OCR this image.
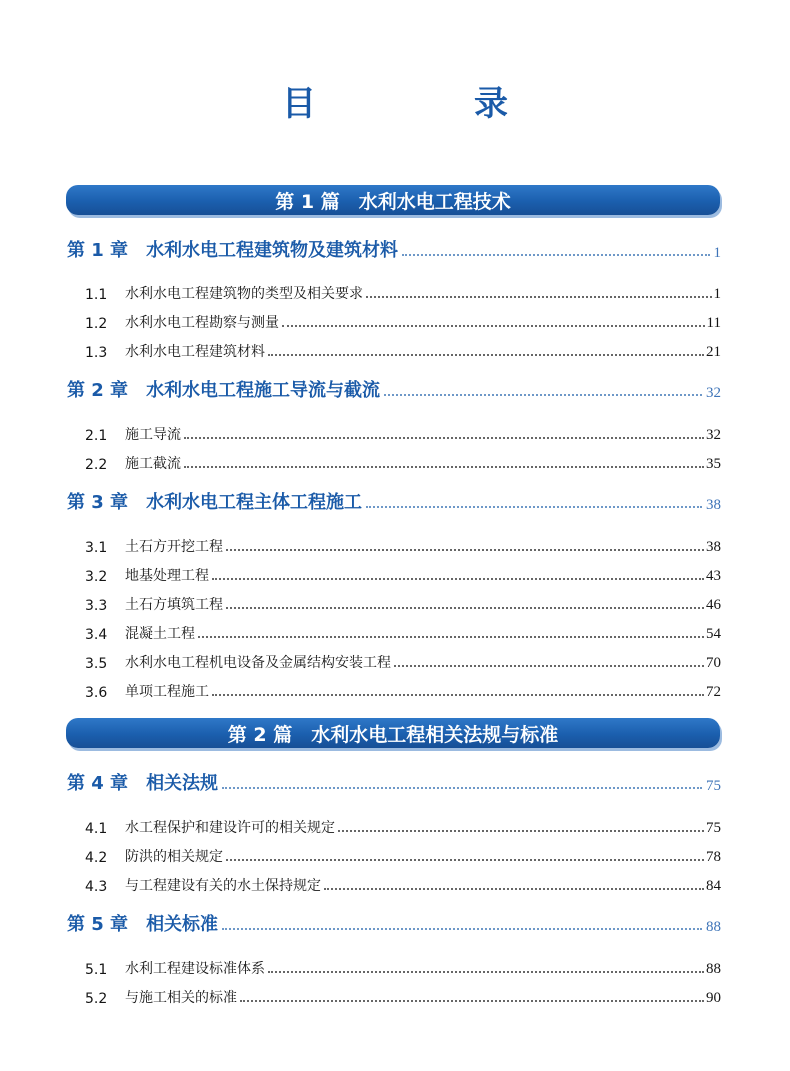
目　录
第 1 篇　水利水电工程技术
第 1 章 水利水电工程建筑物及建筑材料	1
1.1	水利水电工程建筑物的类型及相关要求	1
1.2	水利水电工程勘察与测量	11
1.3	水利水电工程建筑材料	21
第 2 章 水利水电工程施工导流与截流	32
2.1	施工导流	32
2.2	施工截流	35
第 3 章 水利水电工程主体工程施工	38
3.1	土石方开挖工程	38
3.2	地基处理工程	43
3.3	土石方填筑工程	46
3.4	混凝土工程	54
3.5	水利水电工程机电设备及金属结构安装工程	70
3.6	单项工程施工	72
第 2 篇　水利水电工程相关法规与标准
第 4 章 相关法规	75
4.1	水工程保护和建设许可的相关规定	75
4.2	防洪的相关规定	78
4.3	与工程建设有关的水土保持规定	84
第 5 章 相关标准	88
5.1	水利工程建设标准体系	88
5.2	与施工相关的标准	90
